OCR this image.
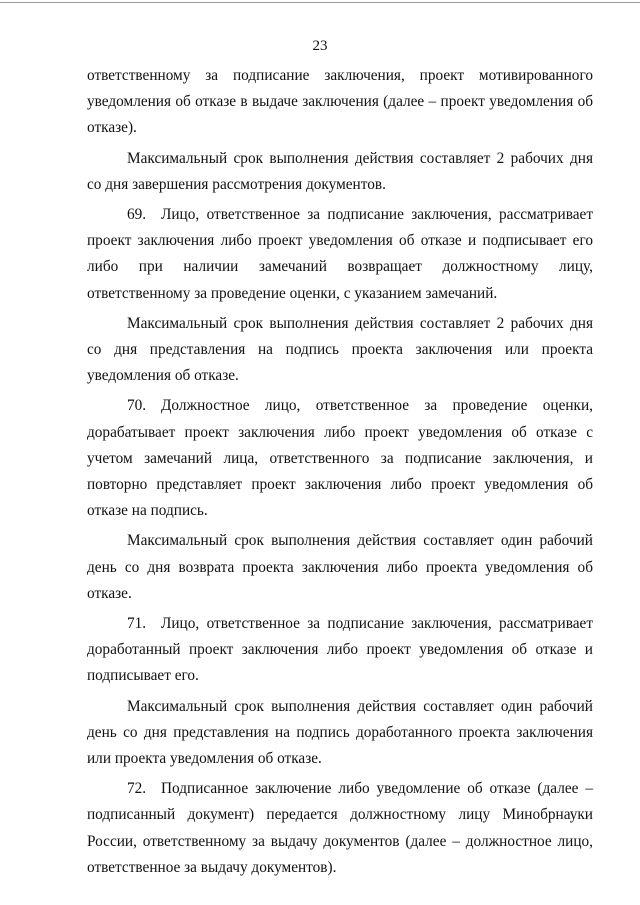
23

ответственному за подписание заключения, проект мотивированного уведомления об отказе в выдаче заключения (далее – проект уведомления об отказе).

Максимальный срок выполнения действия составляет 2 рабочих дня со дня завершения рассмотрения документов.

69. Лицо, ответственное за подписание заключения, рассматривает проект заключения либо проект уведомления об отказе и подписывает его либо при наличии замечаний возвращает должностному лицу, ответственному за проведение оценки, с указанием замечаний.

Максимальный срок выполнения действия составляет 2 рабочих дня со дня представления на подпись проекта заключения или проекта уведомления об отказе.

70. Должностное лицо, ответственное за проведение оценки, дорабатывает проект заключения либо проект уведомления об отказе с учетом замечаний лица, ответственного за подписание заключения, и повторно представляет проект заключения либо проект уведомления об отказе на подпись.

Максимальный срок выполнения действия составляет один рабочий день со дня возврата проекта заключения либо проекта уведомления об отказе.

71. Лицо, ответственное за подписание заключения, рассматривает доработанный проект заключения либо проект уведомления об отказе и подписывает его.

Максимальный срок выполнения действия составляет один рабочий день со дня представления на подпись доработанного проекта заключения или проекта уведомления об отказе.

72. Подписанное заключение либо уведомление об отказе (далее – подписанный документ) передается должностному лицу Минобрнауки России, ответственному за выдачу документов (далее – должностное лицо, ответственное за выдачу документов).
